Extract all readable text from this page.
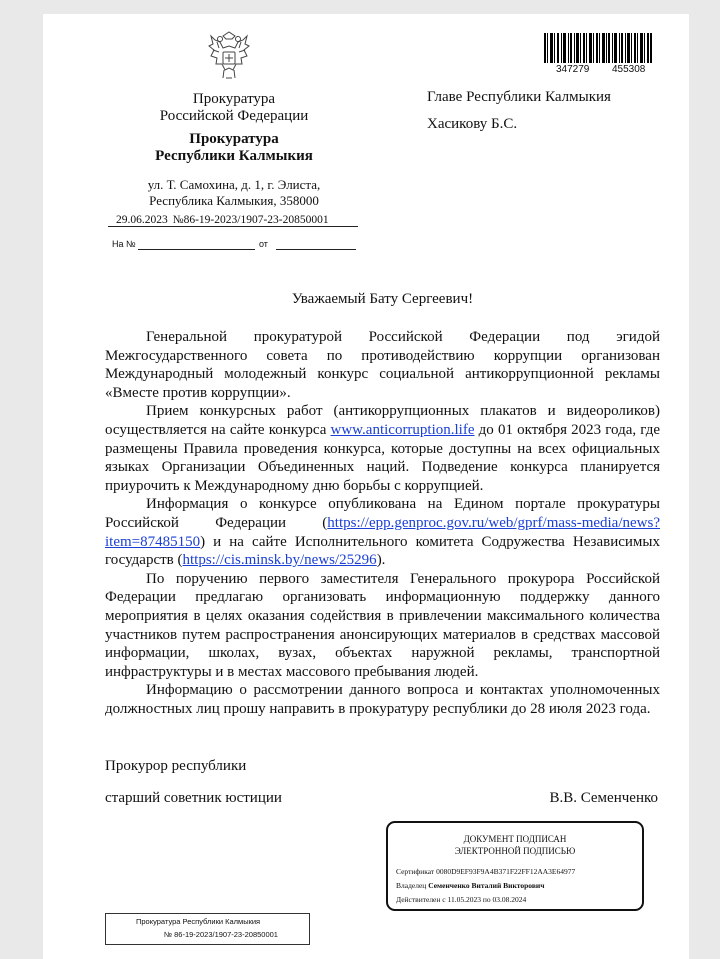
347279 455308
Прокуратура
Российской Федерации
Прокуратура
Республики Калмыкия
ул. Т. Самохина, д. 1, г. Элиста,
Республика Калмыкия, 358000
29.06.2023 №86-19-2023/1907-23-20850001
На №	от
Главе Республики Калмыкия
Хасикову Б.С.
Уважаемый Бату Сергеевич!

Генеральной прокуратурой Российской Федерации под эгидой Межгосударственного совета по противодействию коррупции организован Международный молодежный конкурс социальной антикоррупционной рекламы «Вместе против коррупции».

Прием конкурсных работ (антикоррупционных плакатов и видеороликов) осуществляется на сайте конкурса www.anticorruption.life до 01 октября 2023 года, где размещены Правила проведения конкурса, которые доступны на всех официальных языках Организации Объединенных наций. Подведение конкурса планируется приурочить к Международному дню борьбы с коррупцией.

Информация о конкурсе опубликована на Едином портале прокуратуры Российской Федерации (https://epp.genproc.gov.ru/web/gprf/mass-media/news?item=87485150) и на сайте Исполнительного комитета Содружества Независимых государств (https://cis.minsk.by/news/25296).

По поручению первого заместителя Генерального прокурора Российской Федерации предлагаю организовать информационную поддержку данного мероприятия в целях оказания содействия в привлечении максимального количества участников путем распространения анонсирующих материалов в средствах массовой информации, школах, вузах, объектах наружной рекламы, транспортной инфраструктуры и в местах массового пребывания людей.

Информацию о рассмотрении данного вопроса и контактах уполномоченных должностных лиц прошу направить в прокуратуру республики до 28 июля 2023 года.

Прокурор республики
старший советник юстиции	В.В. Семенченко
ДОКУМЕНТ ПОДПИСАН
ЭЛЕКТРОННОЙ ПОДПИСЬЮ
Сертификат 0080D9EF93F9A4B371F22FF12AA3E64977
Владелец Семенченко Виталий Викторович
Действителен с 11.05.2023 по 03.08.2024
Прокуратура Республики Калмыкия
№ 86-19-2023/1907-23-20850001
